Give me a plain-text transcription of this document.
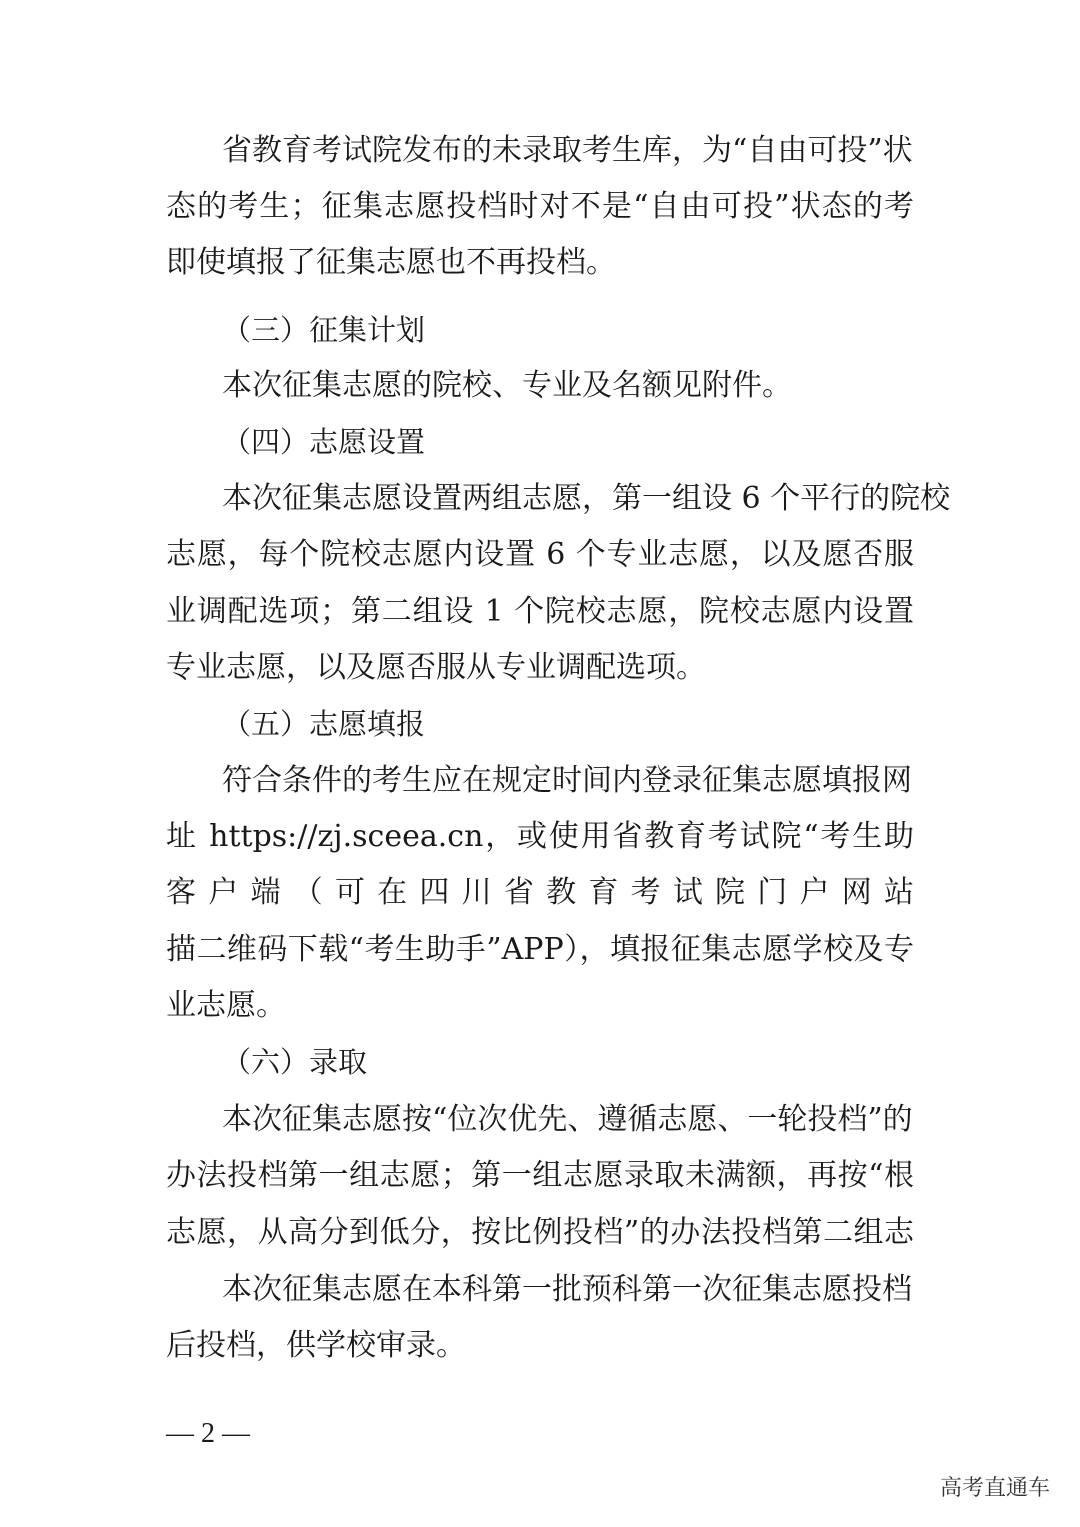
省教育考试院发布的未录取考生库，为“自由可投”状
态的考生；征集志愿投档时对不是“自由可投”状态的考
即使填报了征集志愿也不再投档。
（三）征集计划
本次征集志愿的院校、专业及名额见附件。
（四）志愿设置
本次征集志愿设置两组志愿，第一组设 6 个平行的院校
志愿，每个院校志愿内设置 6 个专业志愿，以及愿否服
业调配选项；第二组设 1 个院校志愿，院校志愿内设置
专业志愿，以及愿否服从专业调配选项。
（五）志愿填报
符合条件的考生应在规定时间内登录征集志愿填报网
址 https://zj.sceea.cn，或使用省教育考试院“考生助
客户端（可在四川省教育考试院门户网站
描二维码下载“考生助手”APP），填报征集志愿学校及专
业志愿。
（六）录取
本次征集志愿按“位次优先、遵循志愿、一轮投档”的
办法投档第一组志愿；第一组志愿录取未满额，再按“根
志愿，从高分到低分，按比例投档”的办法投档第二组志
本次征集志愿在本科第一批预科第一次征集志愿投档
后投档，供学校审录。
— 2 —
高考直通车
